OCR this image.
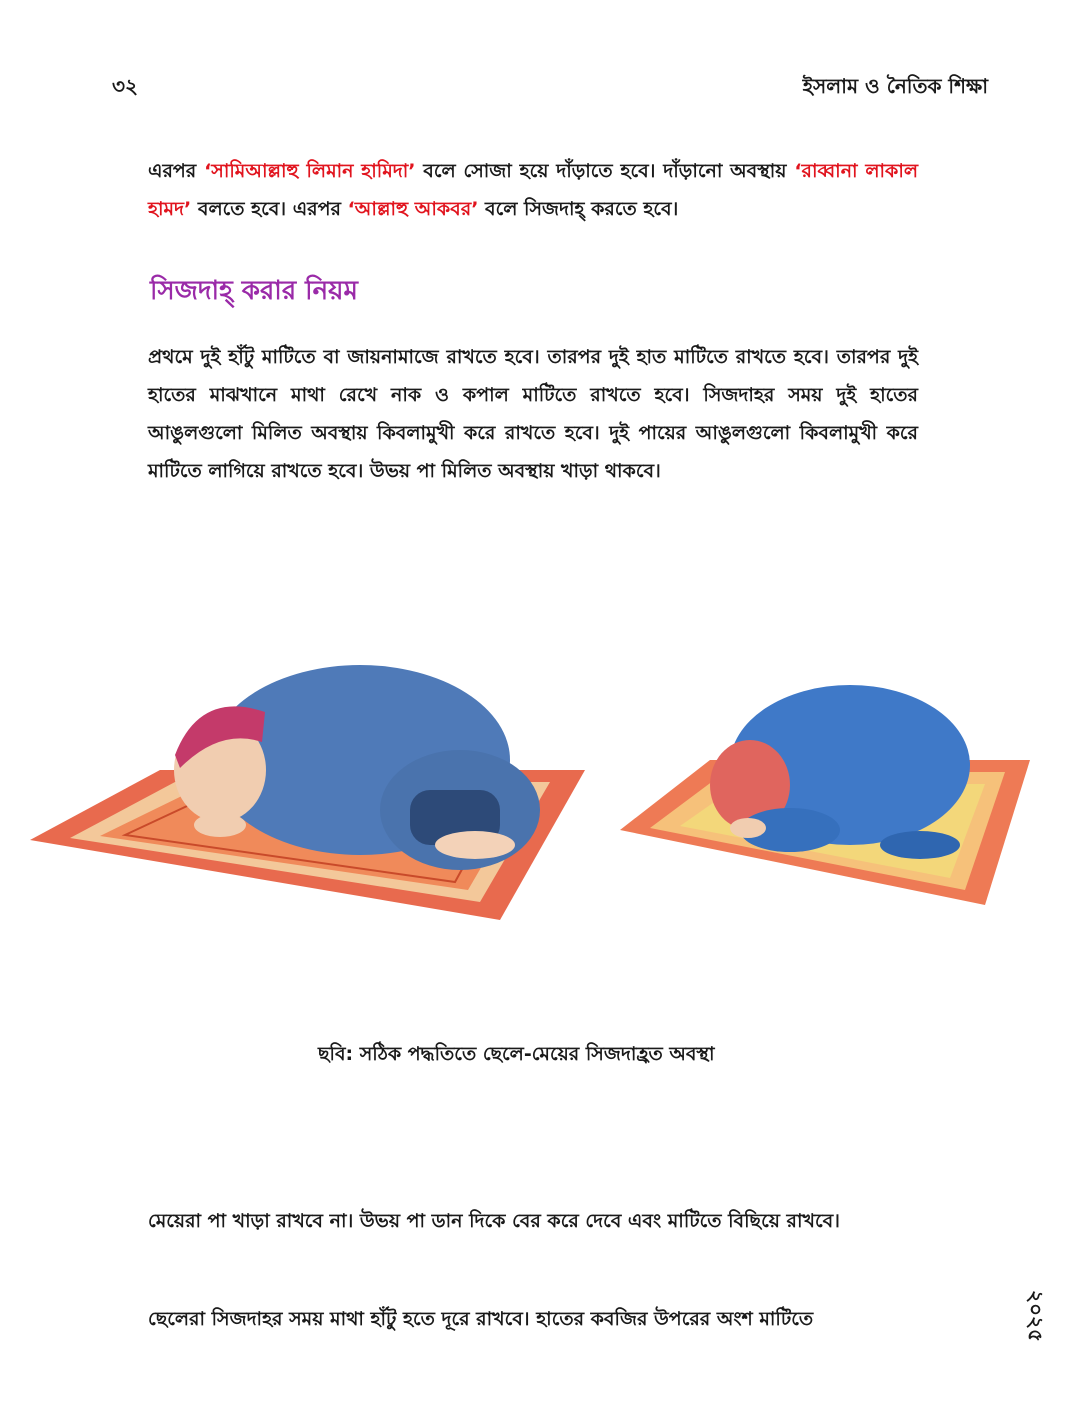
৩২	ইসলাম ও নৈতিক শিক্ষা
এরপর ‘সামিআল্লাহু লিমান হামিদা’ বলে সোজা হয়ে দাঁড়াতে হবে। দাঁড়ানো অবস্থায় ‘রাব্বানা লাকাল হামদ’ বলতে হবে। এরপর ‘আল্লাহু আকবর’ বলে সিজদাহ্ করতে হবে।
সিজদাহ্ করার নিয়ম
প্রথমে দুই হাঁটু মাটিতে বা জায়নামাজে রাখতে হবে। তারপর দুই হাত মাটিতে রাখতে হবে। তারপর দুই হাতের মাঝখানে মাথা রেখে নাক ও কপাল মাটিতে রাখতে হবে। সিজদাহর সময় দুই হাতের আঙুলগুলো মিলিত অবস্থায় কিবলামুখী করে রাখতে হবে। দুই পায়ের আঙুলগুলো কিবলামুখী করে মাটিতে লাগিয়ে রাখতে হবে। উভয় পা মিলিত অবস্থায় খাড়া থাকবে।
ছবি: সঠিক পদ্ধতিতে ছেলে-মেয়ের সিজদাহ্রত অবস্থা
মেয়েরা পা খাড়া রাখবে না। উভয় পা ডান দিকে বের করে দেবে এবং মাটিতে বিছিয়ে রাখবে।
ছেলেরা সিজদাহর সময় মাথা হাঁটু হতে দূরে রাখবে। হাতের কবজির উপরের অংশ মাটিতে	২০২৫
